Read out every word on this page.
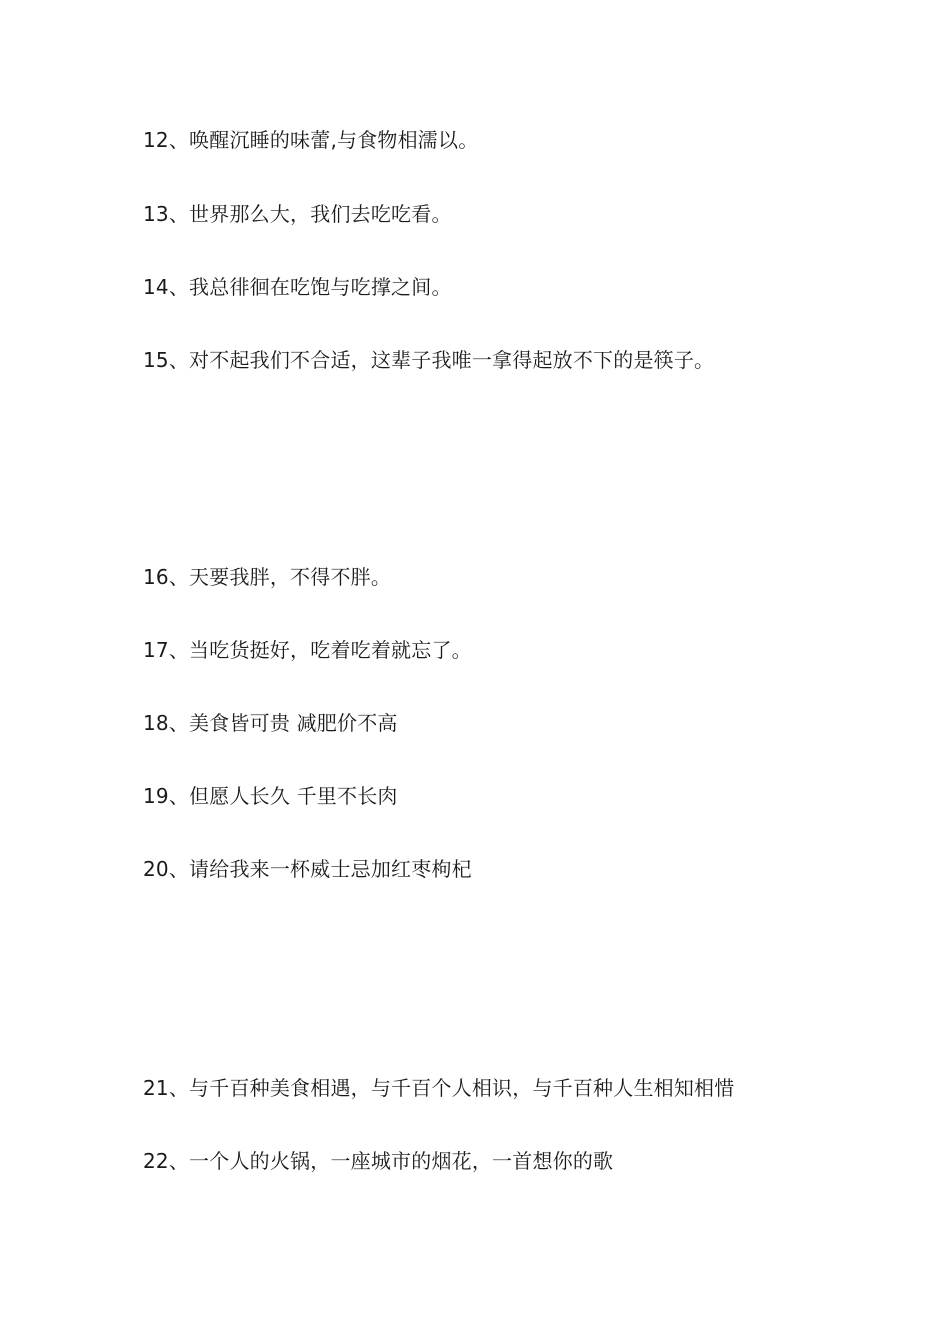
12、唤醒沉睡的味蕾,与食物相濡以。
13、世界那么大，我们去吃吃看。
14、我总徘徊在吃饱与吃撑之间。
15、对不起我们不合适，这辈子我唯一拿得起放不下的是筷子。
16、天要我胖，不得不胖。
17、当吃货挺好，吃着吃着就忘了。
18、美食皆可贵 减肥价不高
19、但愿人长久 千里不长肉
20、请给我来一杯威士忌加红枣枸杞
21、与千百种美食相遇，与千百个人相识，与千百种人生相知相惜
22、一个人的火锅，一座城市的烟花，一首想你的歌
